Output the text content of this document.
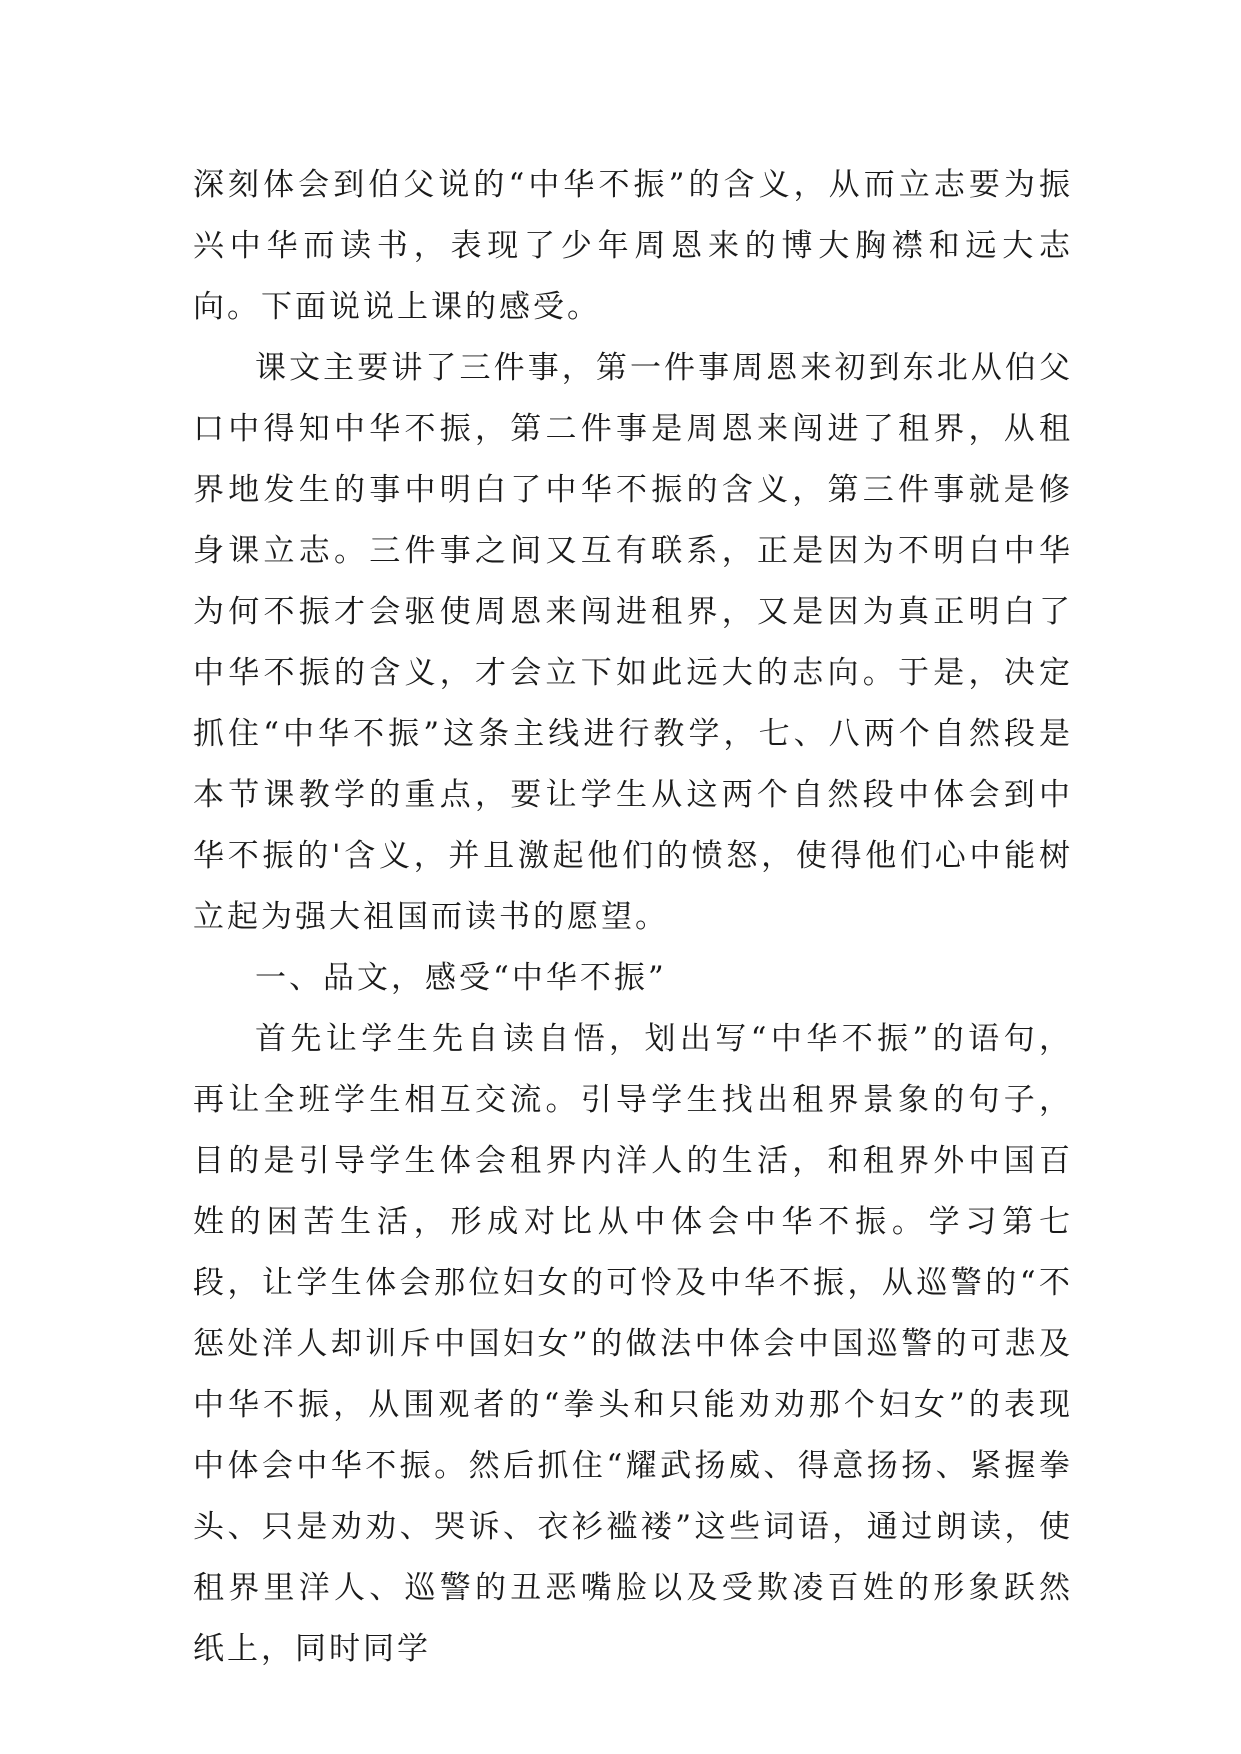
深刻体会到伯父说的“中华不振”的含义，从而立志要为振兴中华而读书，表现了少年周恩来的博大胸襟和远大志向。下面说说上课的感受。

课文主要讲了三件事，第一件事周恩来初到东北从伯父口中得知中华不振，第二件事是周恩来闯进了租界，从租界地发生的事中明白了中华不振的含义，第三件事就是修身课立志。三件事之间又互有联系，正是因为不明白中华为何不振才会驱使周恩来闯进租界，又是因为真正明白了中华不振的含义，才会立下如此远大的志向。于是，决定抓住“中华不振”这条主线进行教学，七、八两个自然段是本节课教学的重点，要让学生从这两个自然段中体会到中华不振的'含义，并且激起他们的愤怒，使得他们心中能树立起为强大祖国而读书的愿望。

一、品文，感受“中华不振”

首先让学生先自读自悟，划出写“中华不振”的语句，再让全班学生相互交流。引导学生找出租界景象的句子，目的是引导学生体会租界内洋人的生活，和租界外中国百姓的困苦生活，形成对比从中体会中华不振。学习第七段，让学生体会那位妇女的可怜及中华不振，从巡警的“不惩处洋人却训斥中国妇女”的做法中体会中国巡警的可悲及中华不振，从围观者的“拳头和只能劝劝那个妇女”的表现中体会中华不振。然后抓住“耀武扬威、得意扬扬、紧握拳头、只是劝劝、哭诉、衣衫褴褛”这些词语，通过朗读，使租界里洋人、巡警的丑恶嘴脸以及受欺凌百姓的形象跃然纸上，同时同学
